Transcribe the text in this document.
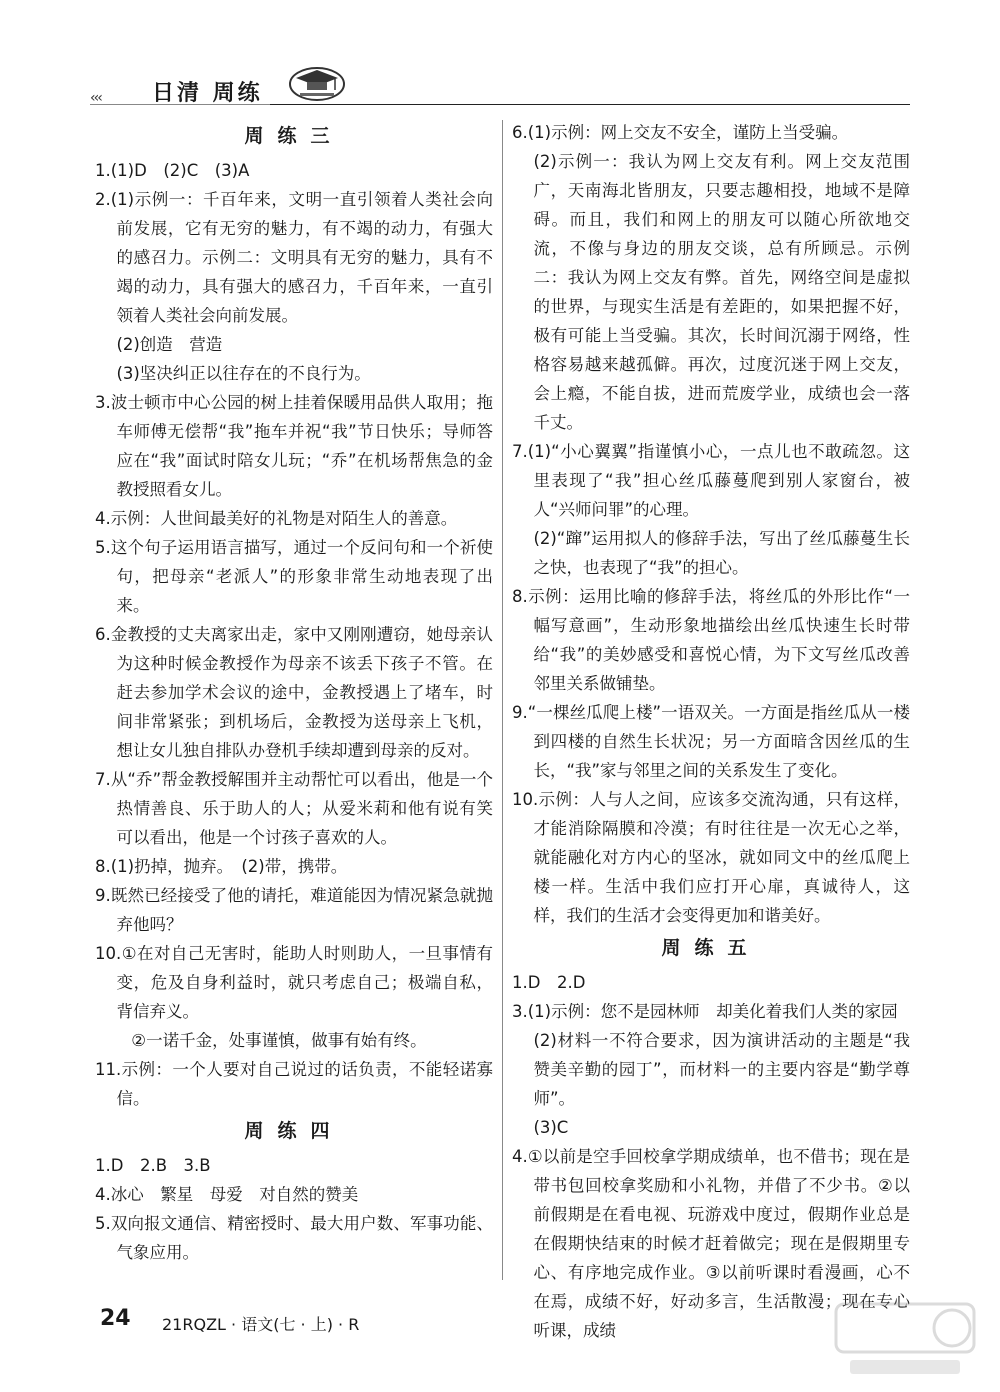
‹‹‹ 日清 周练
周练三
1.(1)D　(2)C　(3)A
2.(1)示例一：千百年来，文明一直引领着人类社会向前发展，它有无穷的魅力，有不竭的动力，有强大的感召力。示例二：文明具有无穷的魅力，具有不竭的动力，具有强大的感召力，千百年来，一直引领着人类社会向前发展。
(2)创造　营造
(3)坚决纠正以往存在的不良行为。
3.波士顿市中心公园的树上挂着保暖用品供人取用；拖车师傅无偿帮“我”拖车并祝“我”节日快乐；导师答应在“我”面试时陪女儿玩；“乔”在机场帮焦急的金教授照看女儿。
4.示例：人世间最美好的礼物是对陌生人的善意。
5.这个句子运用语言描写，通过一个反问句和一个祈使句，把母亲“老派人”的形象非常生动地表现了出来。
6.金教授的丈夫离家出走，家中又刚刚遭窃，她母亲认为这种时候金教授作为母亲不该丢下孩子不管。在赶去参加学术会议的途中，金教授遇上了堵车，时间非常紧张；到机场后，金教授为送母亲上飞机，想让女儿独自排队办登机手续却遭到母亲的反对。
7.从“乔”帮金教授解围并主动帮忙可以看出，他是一个热情善良、乐于助人的人；从爱米莉和他有说有笑可以看出，他是一个讨孩子喜欢的人。
8.(1)扔掉，抛弃。　(2)带，携带。
9.既然已经接受了他的请托，难道能因为情况紧急就抛弃他吗？
10.①在对自己无害时，能助人时则助人，一旦事情有变，危及自身利益时，就只考虑自己；极端自私，背信弃义。
②一诺千金，处事谨慎，做事有始有终。
11.示例：一个人要对自己说过的话负责，不能轻诺寡信。
周练四
1.D　2.B　3.B
4.冰心　繁星　母爱　对自然的赞美
5.双向报文通信、精密授时、最大用户数、军事功能、气象应用。
6.(1)示例：网上交友不安全，谨防上当受骗。
(2)示例一：我认为网上交友有利。网上交友范围广，天南海北皆朋友，只要志趣相投，地域不是障碍。而且，我们和网上的朋友可以随心所欲地交流，不像与身边的朋友交谈，总有所顾忌。示例二：我认为网上交友有弊。首先，网络空间是虚拟的世界，与现实生活是有差距的，如果把握不好，极有可能上当受骗。其次，长时间沉溺于网络，性格容易越来越孤僻。再次，过度沉迷于网上交友，会上瘾，不能自拔，进而荒废学业，成绩也会一落千丈。
7.(1)“小心翼翼”指谨慎小心，一点儿也不敢疏忽。这里表现了“我”担心丝瓜藤蔓爬到别人家窗台，被人“兴师问罪”的心理。
(2)“蹿”运用拟人的修辞手法，写出了丝瓜藤蔓生长之快，也表现了“我”的担心。
8.示例：运用比喻的修辞手法，将丝瓜的外形比作“一幅写意画”，生动形象地描绘出丝瓜快速生长时带给“我”的美妙感受和喜悦心情，为下文写丝瓜改善邻里关系做铺垫。
9.“一棵丝瓜爬上楼”一语双关。一方面是指丝瓜从一楼到四楼的自然生长状况；另一方面暗含因丝瓜的生长，“我”家与邻里之间的关系发生了变化。
10.示例：人与人之间，应该多交流沟通，只有这样，才能消除隔膜和冷漠；有时往往是一次无心之举，就能融化对方内心的坚冰，就如同文中的丝瓜爬上楼一样。生活中我们应打开心扉，真诚待人，这样，我们的生活才会变得更加和谐美好。
周练五
1.D　2.D
3.(1)示例：您不是园林师　却美化着我们人类的家园
(2)材料一不符合要求，因为演讲活动的主题是“我赞美辛勤的园丁”，而材料一的主要内容是“勤学尊师”。
(3)C
4.①以前是空手回校拿学期成绩单，也不借书；现在是带书包回校拿奖励和小礼物，并借了不少书。②以前假期是在看电视、玩游戏中度过，假期作业总是在假期快结束的时候才赶着做完；现在是假期里专心、有序地完成作业。③以前听课时看漫画，心不在焉，成绩不好，好动多言，生活散漫；现在专心听课，成绩
24 21RQZL · 语文(七 · 上) · R
